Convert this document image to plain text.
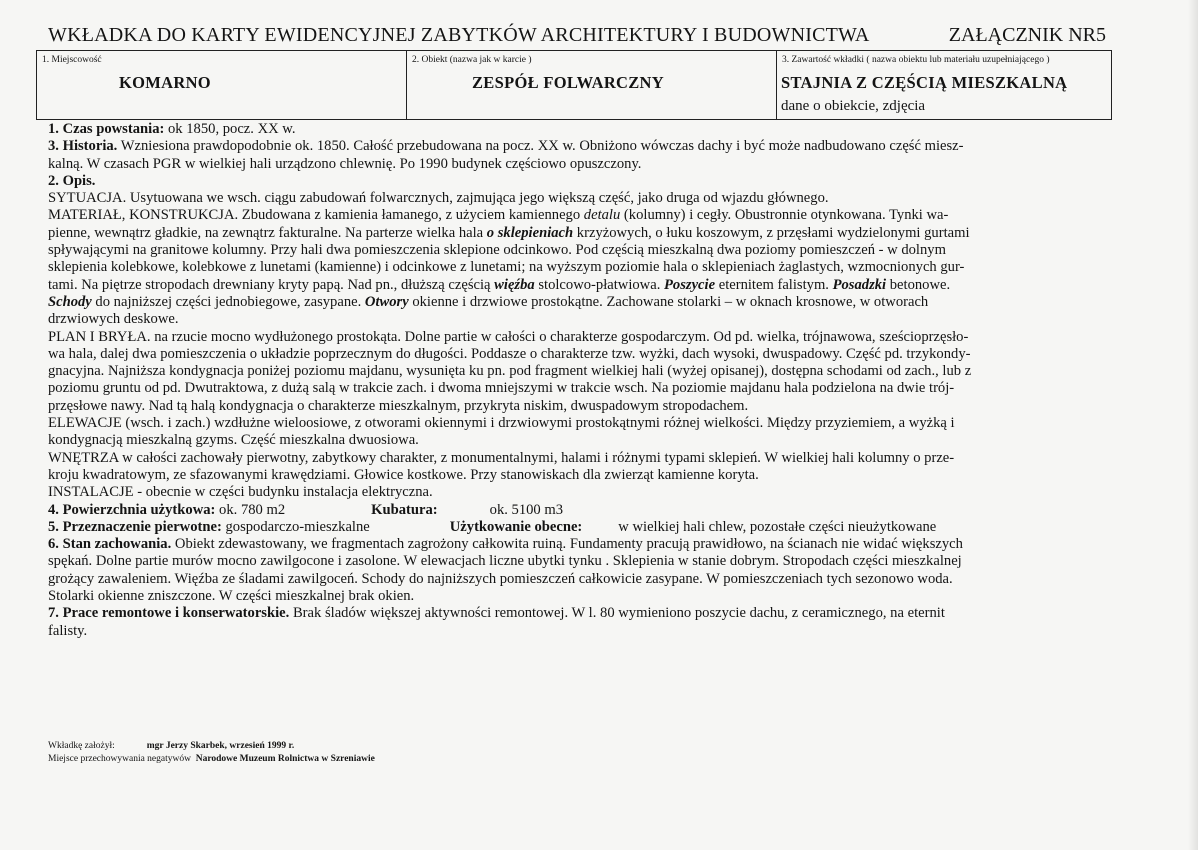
WKŁADKA DO KARTY EWIDENCYJNEJ ZABYTKÓW ARCHITEKTURY I BUDOWNICTWA	ZAŁĄCZNIK NR5
1. Miejscowość
KOMARNO
2. Obiekt (nazwa jak w karcie )
ZESPÓŁ FOLWARCZNY
3. Zawartość wkładki ( nazwa obiektu lub materiału uzupełniającego )
STAJNIA Z CZĘŚCIĄ MIESZKALNĄ
dane o obiekcie, zdjęcia

1. Czas powstania: ok 1850, pocz. XX w.

3. Historia. Wzniesiona prawdopodobnie ok. 1850. Całość przebudowana na pocz. XX w. Obniżono wówczas dachy i być może nadbudowano część miesz-

kalną. W czasach PGR w wielkiej hali urządzono chlewnię. Po 1990 budynek częściowo opuszczony.

2. Opis.

SYTUACJA. Usytuowana we wsch. ciągu zabudowań folwarcznych, zajmująca jego większą część, jako druga od wjazdu głównego.

MATERIAŁ, KONSTRUKCJA. Zbudowana z kamienia łamanego, z użyciem kamiennego detalu (kolumny) i cegły. Obustronnie otynkowana. Tynki wa-

pienne, wewnątrz gładkie, na zewnątrz fakturalne. Na parterze wielka hala o sklepieniach krzyżowych, o łuku koszowym, z przęsłami wydzielonymi gurtami

spływającymi na granitowe kolumny. Przy hali dwa pomieszczenia sklepione odcinkowo. Pod częścią mieszkalną dwa poziomy pomieszczeń - w dolnym

sklepienia kolebkowe, kolebkowe z lunetami (kamienne) i odcinkowe z lunetami; na wyższym poziomie hala o sklepieniach żaglastych, wzmocnionych gur-

tami. Na piętrze stropodach drewniany kryty papą. Nad pn., dłuższą częścią więźba stolcowo-płatwiowa. Poszycie eternitem falistym. Posadzki betonowe.

Schody do najniższej części jednobiegowe, zasypane. Otwory okienne i drzwiowe prostokątne. Zachowane stolarki – w oknach krosnowe, w otworach

drzwiowych deskowe.

PLAN I BRYŁA. na rzucie mocno wydłużonego prostokąta. Dolne partie w całości o charakterze gospodarczym. Od pd. wielka, trójnawowa, sześcioprzęsło-

wa hala, dalej dwa pomieszczenia o układzie poprzecznym do długości. Poddasze o charakterze tzw. wyżki, dach wysoki, dwuspadowy. Część pd. trzykondy-

gnacyjna. Najniższa kondygnacja poniżej poziomu majdanu, wysunięta ku pn. pod fragment wielkiej hali (wyżej opisanej), dostępna schodami od zach., lub z

poziomu gruntu od pd. Dwutraktowa, z dużą salą w trakcie zach. i dwoma mniejszymi w trakcie wsch. Na poziomie majdanu hala podzielona na dwie trój-

przęsłowe nawy. Nad tą halą kondygnacja o charakterze mieszkalnym, przykryta niskim, dwuspadowym stropodachem.

ELEWACJE (wsch. i zach.) wzdłużne wieloosiowe, z otworami okiennymi i drzwiowymi prostokątnymi różnej wielkości. Między przyziemiem, a wyżką i

kondygnacją mieszkalną gzyms. Część mieszkalna dwuosiowa.

WNĘTRZA w całości zachowały pierwotny, zabytkowy charakter, z monumentalnymi, halami i różnymi typami sklepień. W wielkiej hali kolumny o prze-

kroju kwadratowym, ze sfazowanymi krawędziami. Głowice kostkowe. Przy stanowiskach dla zwierząt kamienne koryta.

INSTALACJE - obecnie w części budynku instalacja elektryczna.

4. Powierzchnia użytkowa: ok. 780 m2	Kubatura:	ok. 5100 m3

5. Przeznaczenie pierwotne: gospodarczo-mieszkalne	Użytkowanie obecne: w wielkiej hali chlew, pozostałe części nieużytkowane

6. Stan zachowania. Obiekt zdewastowany, we fragmentach zagrożony całkowita ruiną. Fundamenty pracują prawidłowo, na ścianach nie widać większych

spękań. Dolne partie murów mocno zawilgocone i zasolone. W elewacjach liczne ubytki tynku . Sklepienia w stanie dobrym. Stropodach części mieszkalnej

grożący zawaleniem. Więźba ze śladami zawilgoceń. Schody do najniższych pomieszczeń całkowicie zasypane. W pomieszczeniach tych sezonowo woda.

Stolarki okienne zniszczone. W części mieszkalnej brak okien.

7. Prace remontowe i konserwatorskie. Brak śladów większej aktywności remontowej. W l. 80 wymieniono poszycie dachu, z ceramicznego, na eternit

falisty.

Wkładkę założył:	mgr Jerzy Skarbek, wrzesień 1999 r.
Miejsce przechowywania negatywów Narodowe Muzeum Rolnictwa w Szreniawie
